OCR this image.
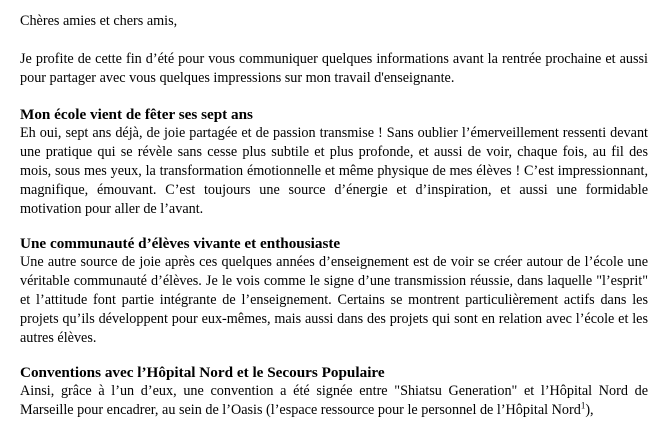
Chères amies et chers amis,

Je profite de cette fin d’été pour vous communiquer quelques informations avant la rentrée prochaine et aussi pour partager avec vous quelques impressions sur mon travail d'enseignante.

Mon école vient de fêter ses sept ans

Eh oui, sept ans déjà, de joie partagée et de passion transmise ! Sans oublier l’émerveillement ressenti devant une pratique qui se révèle sans cesse plus subtile et plus profonde, et aussi de voir, chaque fois, au fil des mois, sous mes yeux, la transformation émotionnelle et même physique de mes élèves ! C’est impressionnant, magnifique, émouvant. C’est toujours une source d’énergie et d’inspiration, et aussi une formidable motivation pour aller de l’avant.

Une communauté d’élèves vivante et enthousiaste

Une autre source de joie après ces quelques années d’enseignement est de voir se créer autour de l’école une véritable communauté d’élèves. Je le vois comme le signe d’une transmission réussie, dans laquelle "l’esprit" et l’attitude font partie intégrante de l’enseignement. Certains se montrent particulièrement actifs dans les projets qu’ils développent pour eux-mêmes, mais aussi dans des projets qui sont en relation avec l’école et les autres élèves.

Conventions avec l’Hôpital Nord et le Secours Populaire

Ainsi, grâce à l’un d’eux, une convention a été signée entre "Shiatsu Generation" et l’Hôpital Nord de Marseille pour encadrer, au sein de l’Oasis (l’espace ressource pour le personnel de l’Hôpital Nord$^1$),
